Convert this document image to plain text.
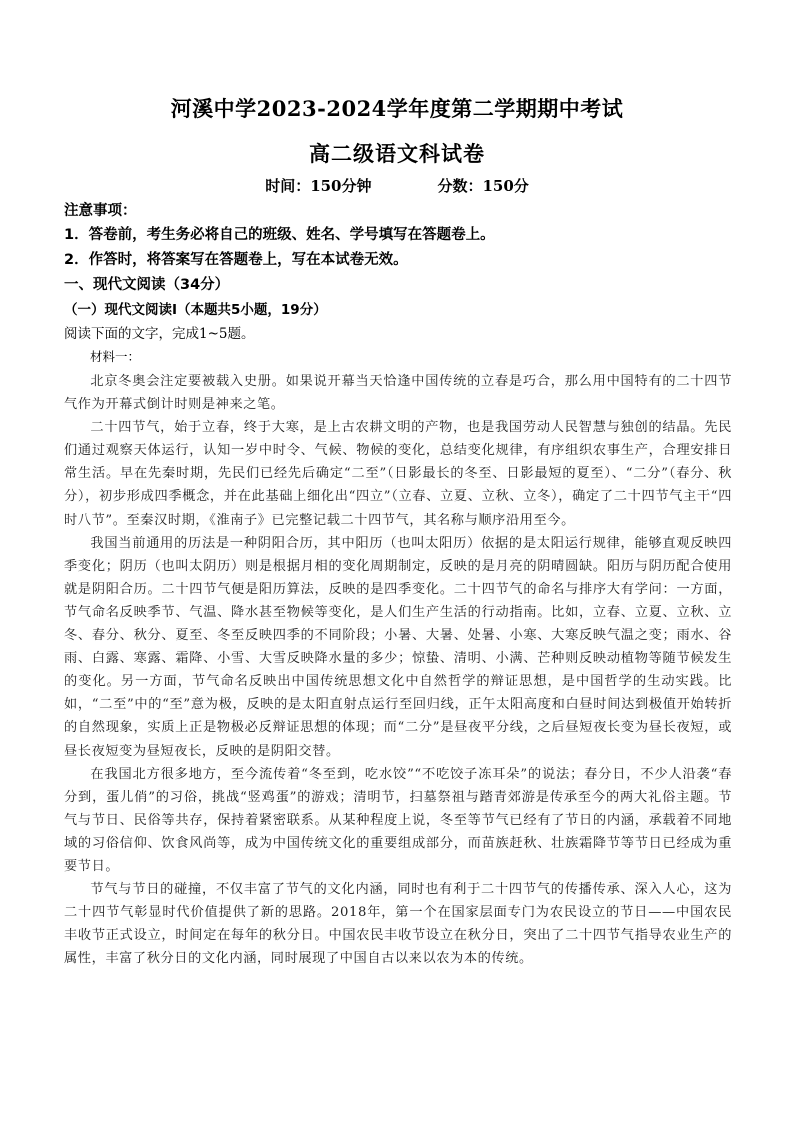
河溪中学2023-2024学年度第二学期期中考试
高二级语文科试卷
时间：150分钟	分数：150分
注意事项：
1．答卷前，考生务必将自己的班级、姓名、学号填写在答题卷上。
2．作答时，将答案写在答题卷上，写在本试卷无效。
一、现代文阅读（34分）
（一）现代文阅读Ⅰ（本题共5小题，19分）
阅读下面的文字，完成1~5题。
材料一：

北京冬奥会注定要被载入史册。如果说开幕当天恰逢中国传统的立春是巧合，那么用中国特有的二十四节气作为开幕式倒计时则是神来之笔。

二十四节气，始于立春，终于大寒，是上古农耕文明的产物，也是我国劳动人民智慧与独创的结晶。先民们通过观察天体运行，认知一岁中时令、气候、物候的变化，总结变化规律，有序组织农事生产，合理安排日常生活。早在先秦时期，先民们已经先后确定“二至”（日影最长的冬至、日影最短的夏至）、“二分”（春分、秋分），初步形成四季概念，并在此基础上细化出“四立”（立春、立夏、立秋、立冬），确定了二十四节气主干“四时八节”。至秦汉时期，《淮南子》已完整记载二十四节气，其名称与顺序沿用至今。

我国当前通用的历法是一种阴阳合历，其中阳历（也叫太阳历）依据的是太阳运行规律，能够直观反映四季变化；阴历（也叫太阴历）则是根据月相的变化周期制定，反映的是月亮的阴晴圆缺。阳历与阴历配合使用就是阴阳合历。二十四节气便是阳历算法，反映的是四季变化。二十四节气的命名与排序大有学问：一方面，节气命名反映季节、气温、降水甚至物候等变化，是人们生产生活的行动指南。比如，立春、立夏、立秋、立冬、春分、秋分、夏至、冬至反映四季的不同阶段；小暑、大暑、处暑、小寒、大寒反映气温之变；雨水、谷雨、白露、寒露、霜降、小雪、大雪反映降水量的多少；惊蛰、清明、小满、芒种则反映动植物等随节候发生的变化。另一方面，节气命名反映出中国传统思想文化中自然哲学的辩证思想，是中国哲学的生动实践。比如，“二至”中的“至”意为极，反映的是太阳直射点运行至回归线，正午太阳高度和白昼时间达到极值开始转折的自然现象，实质上正是物极必反辩证思想的体现；而“二分”是昼夜平分线，之后昼短夜长变为昼长夜短，或昼长夜短变为昼短夜长，反映的是阴阳交替。

在我国北方很多地方，至今流传着“冬至到，吃水饺”“不吃饺子冻耳朵”的说法；春分日，不少人沿袭“春分到，蛋儿俏”的习俗，挑战“竖鸡蛋”的游戏；清明节，扫墓祭祖与踏青郊游是传承至今的两大礼俗主题。节气与节日、民俗等共存，保持着紧密联系。从某种程度上说，冬至等节气已经有了节日的内涵，承载着不同地域的习俗信仰、饮食风尚等，成为中国传统文化的重要组成部分，而苗族赶秋、壮族霜降节等节日已经成为重要节日。

节气与节日的碰撞，不仅丰富了节气的文化内涵，同时也有利于二十四节气的传播传承、深入人心，这为二十四节气彰显时代价值提供了新的思路。2018年，第一个在国家层面专门为农民设立的节日——中国农民丰收节正式设立，时间定在每年的秋分日。中国农民丰收节设立在秋分日，突出了二十四节气指导农业生产的属性，丰富了秋分日的文化内涵，同时展现了中国自古以来以农为本的传统。
